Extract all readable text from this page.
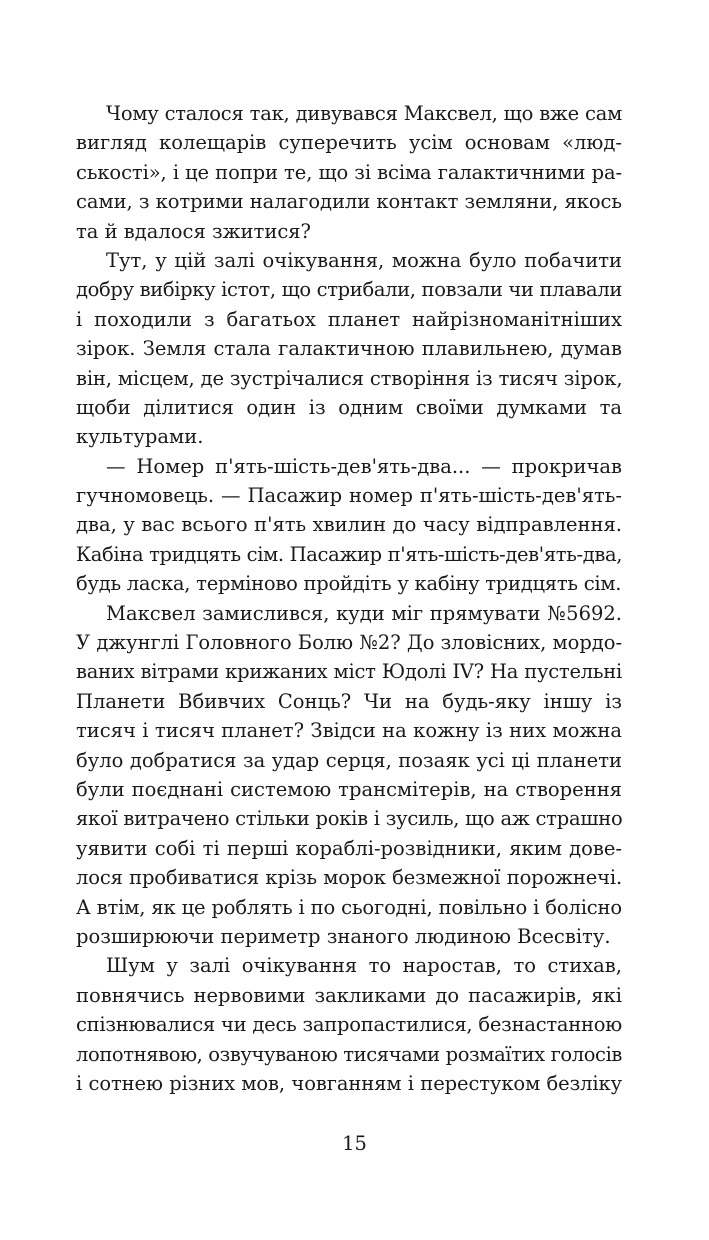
Чому сталося так, дивувався Максвел, що вже сам
вигляд колещарів суперечить усім основам «люд-
ськості», і це попри те, що зі всіма галактичними ра-
сами, з котрими налагодили контакт земляни, якось
та й вдалося зжитися?
Тут, у цій залі очікування, можна було побачити
добру вибірку істот, що стрибали, повзали чи плавали
і походили з багатьох планет найрізноманітніших
зірок. Земля стала галактичною плавильнею, думав
він, місцем, де зустрічалися створіння із тисяч зірок,
щоби ділитися один із одним своїми думками та
культурами.
— Номер п'ять-шість-дев'ять-два... — прокричав
гучномовець. — Пасажир номер п'ять-шість-дев'ять-
два, у вас всього п'ять хвилин до часу відправлення.
Кабіна тридцять сім. Пасажир п'ять-шість-дев'ять-два,
будь ласка, терміново пройдіть у кабіну тридцять сім.
Максвел замислився, куди міг прямувати №5692.
У джунглі Головного Болю №2? До зловісних, мордо-
ваних вітрами крижаних міст Юдолі IV? На пустельні
Планети Вбивчих Сонць? Чи на будь-яку іншу із
тисяч і тисяч планет? Звідси на кожну із них можна
було добратися за удар серця, позаяк усі ці планети
були поєднані системою трансмітерів, на створення
якої витрачено стільки років і зусиль, що аж страшно
уявити собі ті перші кораблі-розвідники, яким дове-
лося пробиватися крізь морок безмежної порожнечі.
А втім, як це роблять і по сьогодні, повільно і болісно
розширюючи периметр знаного людиною Всесвіту.
Шум у залі очікування то наростав, то стихав,
повнячись нервовими закликами до пасажирів, які
спізнювалися чи десь запропастилися, безнастанною
лопотнявою, озвучуваною тисячами розмаїтих голосів
і сотнею різних мов, човганням і перестуком безліку
15
